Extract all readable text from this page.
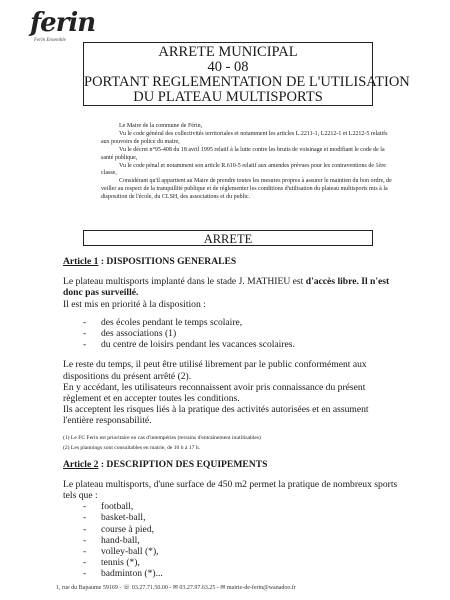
ferin
Ferin Ensemble
ARRETE MUNICIPAL
40 - 08
PORTANT REGLEMENTATION DE L'UTILISATION
DU PLATEAU MULTISPORTS

Le Maire de la commune de Férin,

Vu le code général des collectivités territoriales et notamment les articles L.2211-1, L2212-1 et L2212-5 relatifs aux pouvoirs de police du maire,

Vu le décret n°95-408 du 18 avril 1995 relatif à la lutte contre les bruits de voisinage et modifiant le code de la santé publique,

Vu le code pénal et notamment son article R.610-5 relatif aux amendes prévues pour les contraventions de 1ère classe,

Considérant qu'il appartient au Maire de prendre toutes les mesures propres à assurer le maintien du bon ordre, de veiller au respect de la tranquillité publique et de réglementer les conditions d'utilisation du plateau multisports mis à la disposition de l'école, du CLSH, des associations et du public.

ARRETE

Article 1 : DISPOSITIONS GENERALES

Le plateau multisports implanté dans le stade J. MATHIEU est d'accès libre. Il n'est donc pas surveillé.

Il est mis en priorité à la disposition :

- des écoles pendant le temps scolaire,
- des associations (1)
- du centre de loisirs pendant les vacances scolaires.

Le reste du temps, il peut être utilisé librement par le public conformément aux dispositions du présent arrêté (2).

En y accédant, les utilisateurs reconnaissent avoir pris connaissance du présent règlement et en accepter toutes les conditions.

Ils acceptent les risques liés à la pratique des activités autorisées et en assument l'entière responsabilité.

(1) Le FC Ferin est prioritaire en cas d'intempéries (terrains d'entraînement inutilisables)

(2) Les plannings sont consultables en mairie, de 10 h à 17 h.

Article 2 : DESCRIPTION DES EQUIPEMENTS

Le plateau multisports, d'une surface de 450 m2 permet la pratique de nombreux sports tels que :

- football,
- basket-ball,
- course à pied,
- hand-ball,
- volley-ball (*),
- tennis (*),
- badminton (*)...
1, rue du Bapaume 59169 - ☏ 03.27.71.50.00 - ✉ 03.27.97.63.25 - ✉ mairie-de-ferin@wanadoo.fr
